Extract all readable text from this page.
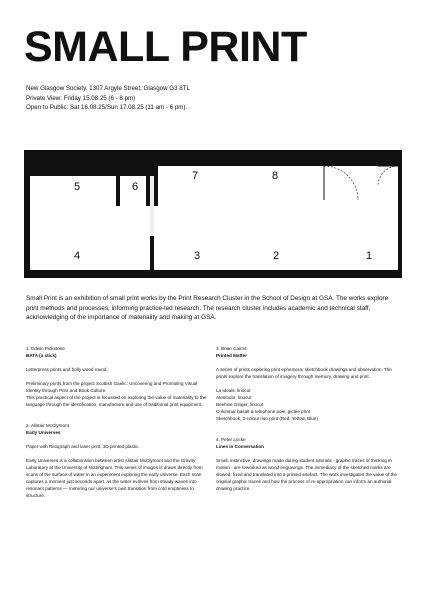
SMALL PRINT
New Glasgow Society, 1307 Argyle Street, Glasgow G3 8TL
Private View: Friday 15.08.25 (6 - 8 pm)
Open to Public: Sat 16.08.25/Sun 17.08.25 (11 am - 6 pm).
5	6
7	8
4	3	2	1
Small Print is an exhibition of small print works by the Print Research Cluster in the School of Design at GSA. The works explore print methods and processes, informing practice-led research. The research cluster includes academic and technical staff, acknowledging of the importance of materiality and making at GSA.
1. Edwin Pickstone
BATA (a stick)

Letterpress prints and holly wood round.

Preliminary prints from the project Scottish Gaelic: Uncovering and Promoting Visual Identity through Print and Book Culture.

This practical aspect of the project is focussed on exploring the value of materiality to the language through the identification, manufacture and use of traditional print equipment.

2. Alistair McClymont
Early Universes

Paper with Risograph and laser print, 3D printed plastic.

Early Universes is a collaboration between artist Alistair McClymont and the Gravity Laboratory at the University of Nottingham. This series of images is drawn directly from scans of the surface of water in an experiment exploring the early universe. Each scan captures a moment just seconds apart, as the water evolves from steady waves into resonant patterns — mirroring our universe's own transition from cold emptiness to structure.

3. Brian Cairns
Printed Matter

A series of prints exploring print ephemera, sketchbook drawings and observation. The prints explore the translation of imagery through memory, drawing and print.

La Ideals, linocut
Atestodor, linocut
Beehive Ginger, linocut
Columnar basalt & telephone pole, giclée print
Sketchbook, 3-colour riso print (Red, Yellow, Blue)
4. Peter Locke
Lines in Conversation

Small, instinctive, drawings made during student tutorials - graphic traces of thinking in motion - are reworked as wood engravings. The immediacy of the sketched marks are slowed, fixed and translated into a printed artefact. The work investigates the value of the original graphic traces and how the process of re-appropriation can inform an authorial drawing practice.
